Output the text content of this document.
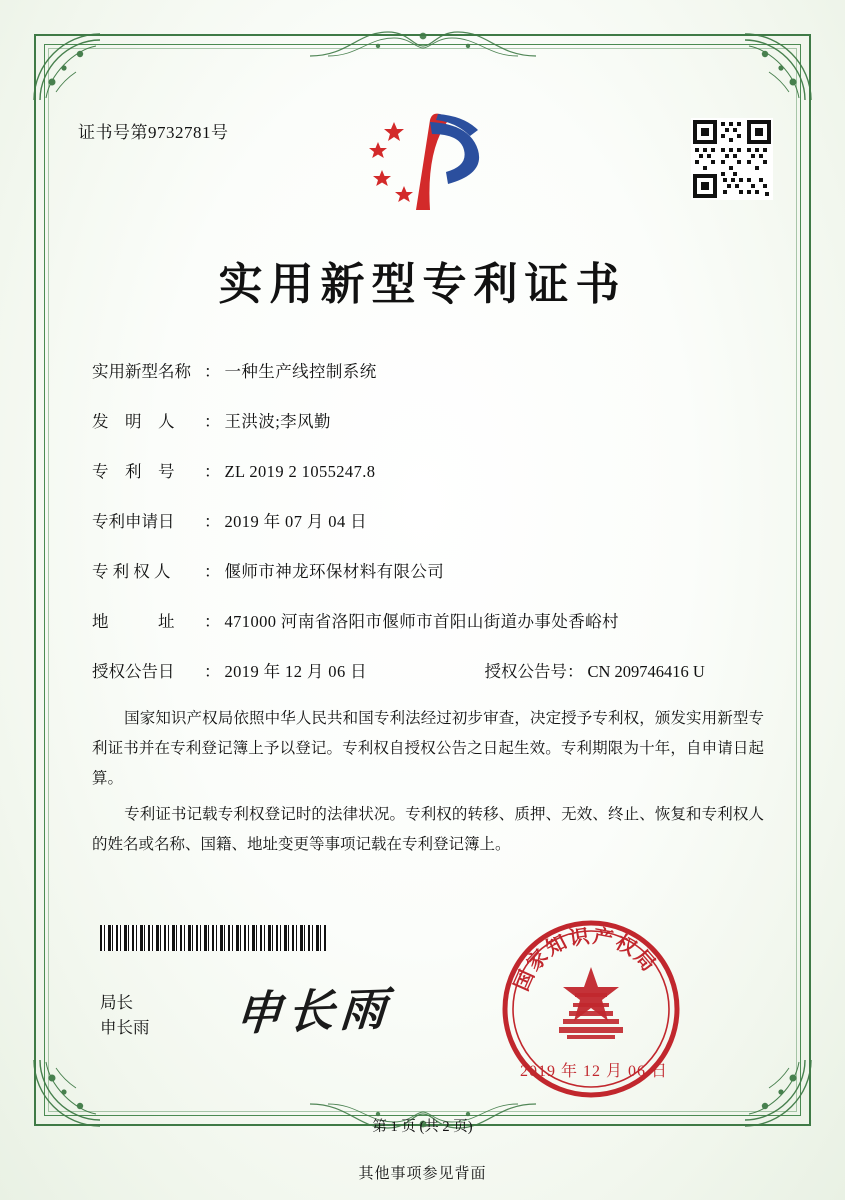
证书号第9732781号
实用新型专利证书
实用新型名称 ： 一种生产线控制系统
发　明　人	： 王洪波;李风勤
专　利　号	： ZL 2019 2 1055247.8
专利申请日	： 2019 年 07 月 04 日
专 利 权 人	： 偃师市神龙环保材料有限公司
地　　　址	： 471000 河南省洛阳市偃师市首阳山街道办事处香峪村
授权公告日	： 2019 年 12 月 06 日	授权公告号 ： CN 209746416 U
国家知识产权局依照中华人民共和国专利法经过初步审查，决定授予专利权，颁发实用新型专利证书并在专利登记簿上予以登记。专利权自授权公告之日起生效。专利期限为十年，自申请日起算。
专利证书记载专利权登记时的法律状况。专利权的转移、质押、无效、终止、恢复和专利权人的姓名或名称、国籍、地址变更等事项记载在专利登记簿上。
局长
申长雨 申长雨
国家知识产权局
2019 年 12 月 06 日
第 1 页 (共 2 页)
其他事项参见背面
